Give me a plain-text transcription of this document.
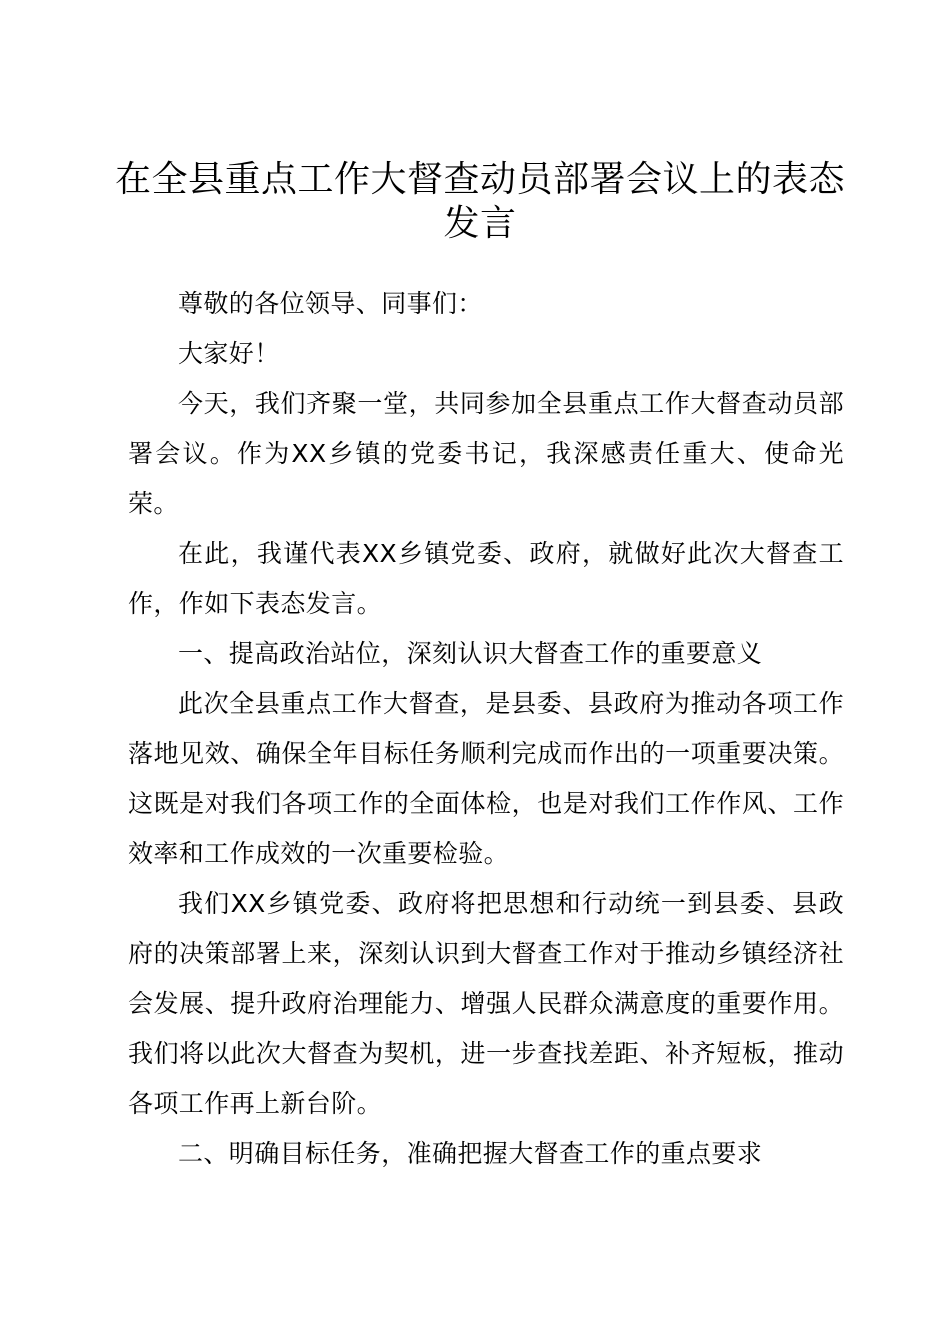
在全县重点工作大督查动员部署会议上的表态发言

尊敬的各位领导、同事们：

大家好！

今天，我们齐聚一堂，共同参加全县重点工作大督查动员部署会议。作为XX乡镇的党委书记，我深感责任重大、使命光荣。

在此，我谨代表XX乡镇党委、政府，就做好此次大督查工作，作如下表态发言。

一、提高政治站位，深刻认识大督查工作的重要意义

此次全县重点工作大督查，是县委、县政府为推动各项工作落地见效、确保全年目标任务顺利完成而作出的一项重要决策。这既是对我们各项工作的全面体检，也是对我们工作作风、工作效率和工作成效的一次重要检验。

我们XX乡镇党委、政府将把思想和行动统一到县委、县政府的决策部署上来，深刻认识到大督查工作对于推动乡镇经济社会发展、提升政府治理能力、增强人民群众满意度的重要作用。我们将以此次大督查为契机，进一步查找差距、补齐短板，推动各项工作再上新台阶。

二、明确目标任务，准确把握大督查工作的重点要求
